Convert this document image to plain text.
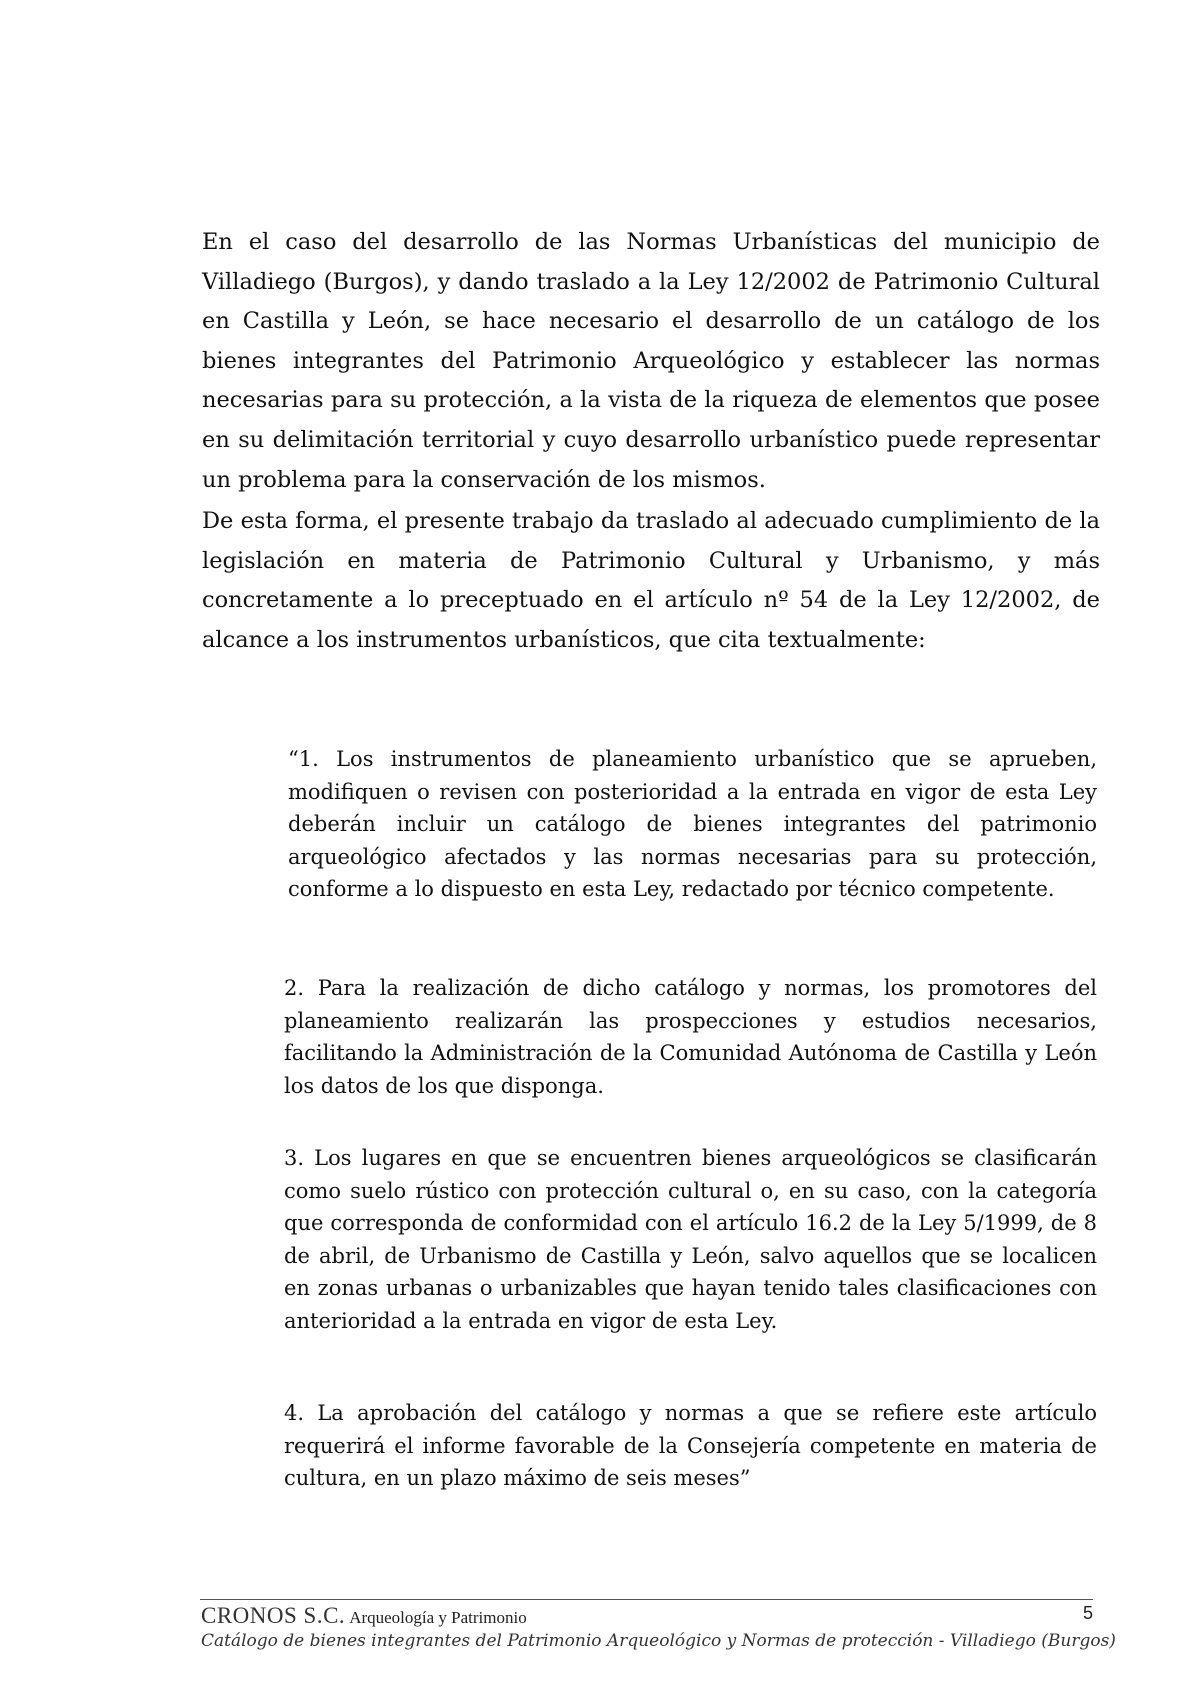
En el caso del desarrollo de las Normas Urbanísticas del municipio de Villadiego (Burgos), y dando traslado a la Ley 12/2002 de Patrimonio Cultural en Castilla y León, se hace necesario el desarrollo de un catálogo de los bienes integrantes del Patrimonio Arqueológico y establecer las normas necesarias para su protección, a la vista de la riqueza de elementos que posee en su delimitación territorial y cuyo desarrollo urbanístico puede representar un problema para la conservación de los mismos.

De esta forma, el presente trabajo da traslado al adecuado cumplimiento de la legislación en materia de Patrimonio Cultural y Urbanismo, y más concretamente a lo preceptuado en el artículo nº 54 de la Ley 12/2002, de alcance a los instrumentos urbanísticos, que cita textualmente:

“1. Los instrumentos de planeamiento urbanístico que se aprueben, modifiquen o revisen con posterioridad a la entrada en vigor de esta Ley deberán incluir un catálogo de bienes integrantes del patrimonio arqueológico afectados y las normas necesarias para su protección, conforme a lo dispuesto en esta Ley, redactado por técnico competente.

2. Para la realización de dicho catálogo y normas, los promotores del planeamiento realizarán las prospecciones y estudios necesarios, facilitando la Administración de la Comunidad Autónoma de Castilla y León los datos de los que disponga.

3. Los lugares en que se encuentren bienes arqueológicos se clasificarán como suelo rústico con protección cultural o, en su caso, con la categoría que corresponda de conformidad con el artículo 16.2 de la Ley 5/1999, de 8 de abril, de Urbanismo de Castilla y León, salvo aquellos que se localicen en zonas urbanas o urbanizables que hayan tenido tales clasificaciones con anterioridad a la entrada en vigor de esta Ley.

4. La aprobación del catálogo y normas a que se refiere este artículo requerirá el informe favorable de la Consejería competente en materia de cultura, en un plazo máximo de seis meses”

CRONOS S.C. Arqueología y Patrimonio	5
Catálogo de bienes integrantes del Patrimonio Arqueológico y Normas de protección - Villadiego (Burgos)
